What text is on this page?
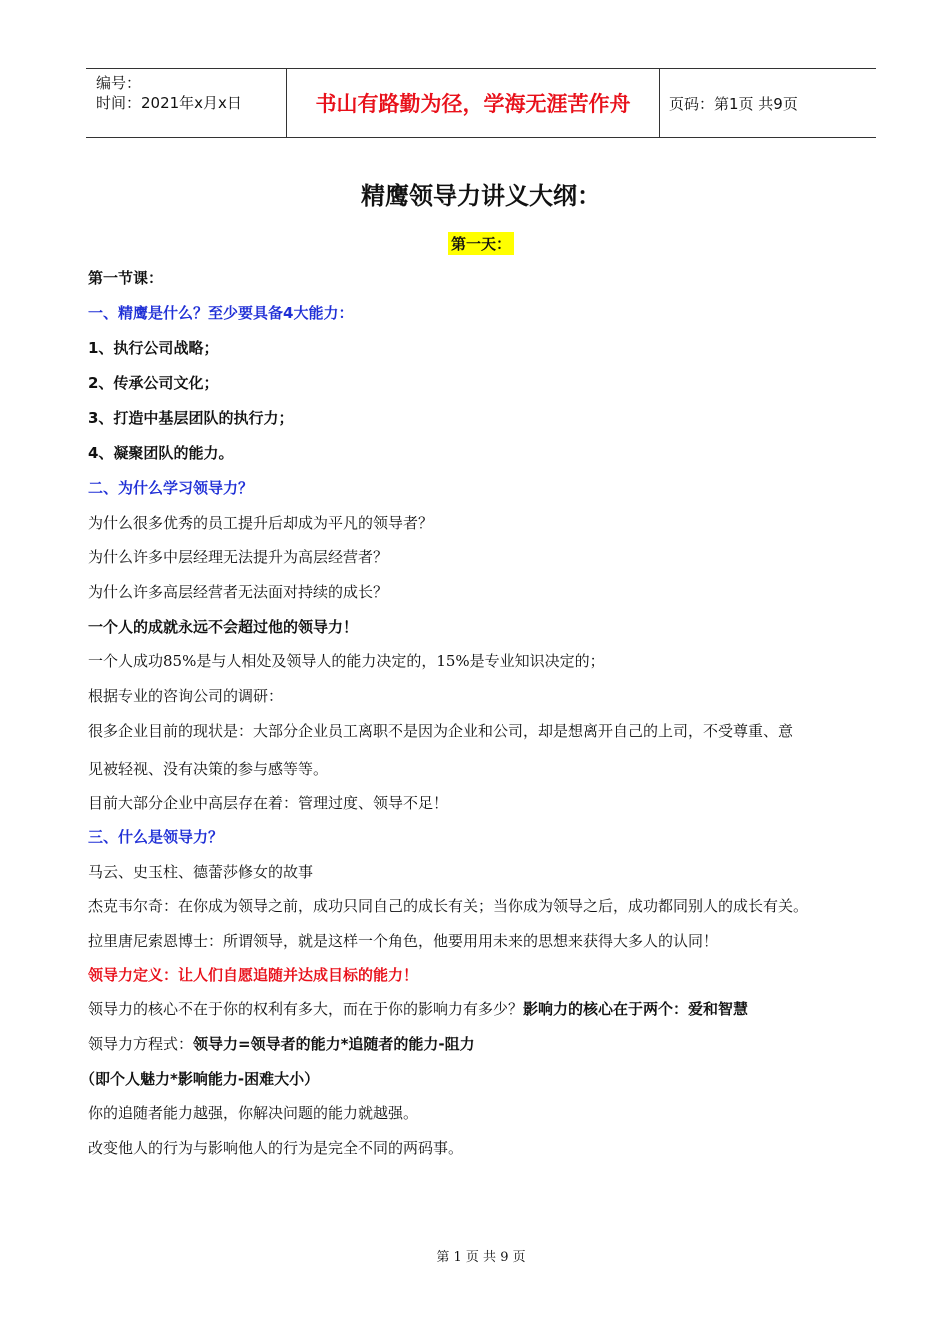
编号：
时间：2021年x月x日	书山有路勤为径，学海无涯苦作舟	页码：第1页 共9页
精鹰领导力讲义大纲：
第一天：
第一节课：
一、精鹰是什么？至少要具备4大能力：
1、执行公司战略；
2、传承公司文化；
3、打造中基层团队的执行力；
4、凝聚团队的能力。
二、为什么学习领导力？
为什么很多优秀的员工提升后却成为平凡的领导者？
为什么许多中层经理无法提升为高层经营者？
为什么许多高层经营者无法面对持续的成长？
一个人的成就永远不会超过他的领导力！
一个人成功85%是与人相处及领导人的能力决定的，15%是专业知识决定的；
根据专业的咨询公司的调研：
很多企业目前的现状是：大部分企业员工离职不是因为企业和公司，却是想离开自己的上司，不受尊重、意
见被轻视、没有决策的参与感等等。
目前大部分企业中高层存在着：管理过度、领导不足！
三、什么是领导力？
马云、史玉柱、德蕾莎修女的故事
杰克韦尔奇：在你成为领导之前，成功只同自己的成长有关；当你成为领导之后，成功都同别人的成长有关。
拉里唐尼索恩博士：所谓领导，就是这样一个角色，他要用用未来的思想来获得大多人的认同！
领导力定义：让人们自愿追随并达成目标的能力！
领导力的核心不在于你的权利有多大，而在于你的影响力有多少？影响力的核心在于两个：爱和智慧
领导力方程式：领导力=领导者的能力*追随者的能力-阻力
（即个人魅力*影响能力-困难大小）
你的追随者能力越强，你解决问题的能力就越强。
改变他人的行为与影响他人的行为是完全不同的两码事。
第 1 页 共 9 页
